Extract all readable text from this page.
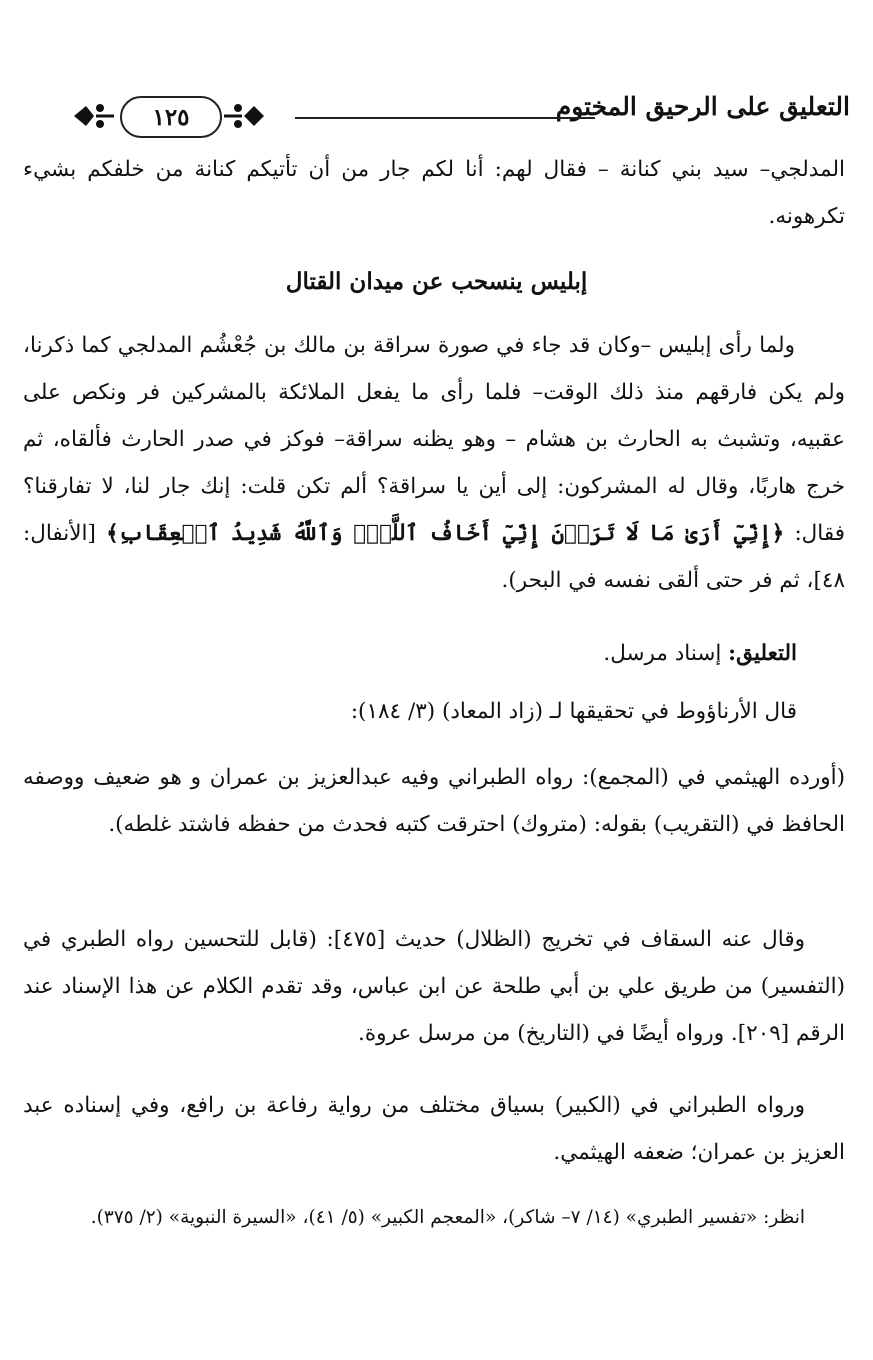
التعليق على الرحيق المختوم
١٢٥
المدلجي– سيد بني كنانة – فقال لهم: أنا لكم جار من أن تأتيكم كنانة من خلفكم بشيء تكرهونه.
إبليس ينسحب عن ميدان القتال
ولما رأى إبليس –وكان قد جاء في صورة سراقة بن مالك بن جُعْشُم المدلجي كما ذكرنا، ولم يكن فارقهم منذ ذلك الوقت– فلما رأى ما يفعل الملائكة بالمشركين فر ونكص على عقبيه، وتشبث به الحارث بن هشام – وهو يظنه سراقة– فوكز في صدر الحارث فألقاه، ثم خرج هاربًا، وقال له المشركون: إلى أين يا سراقة؟ ألم تكن قلت: إنك جار لنا، لا تفارقنا؟ فقال: ﴿إِنِّيٓ أَرَىٰ مَا لَا تَرَوۡنَ إِنِّيٓ أَخَافُ ٱللَّهَۚ وَٱللَّهُ شَدِيدُ ٱلۡعِقَابِ﴾ [الأنفال: ٤٨]، ثم فر حتى ألقى نفسه في البحر).
التعليق: إسناد مرسل.
قال الأرناؤوط في تحقيقها لـ (زاد المعاد) (٣/ ١٨٤):
(أورده الهيثمي في (المجمع): رواه الطبراني وفيه عبدالعزيز بن عمران و هو ضعيف ووصفه الحافظ في (التقريب) بقوله: (متروك) احترقت كتبه فحدث من حفظه فاشتد غلطه).
وقال عنه السقاف في تخريج (الظلال) حديث [٤٧٥]: (قابل للتحسين رواه الطبري في (التفسير) من طريق علي بن أبي طلحة عن ابن عباس، وقد تقدم الكلام عن هذا الإسناد عند الرقم [٢٠٩]. ورواه أيضًا في (التاريخ) من مرسل عروة.
ورواه الطبراني في (الكبير) بسياق مختلف من رواية رفاعة بن رافع، وفي إسناده عبد العزيز بن عمران؛ ضعفه الهيثمي.
انظر: «تفسير الطبري» (١٤/ ٧– شاكر)، «المعجم الكبير» (٥/ ٤١)، «السيرة النبوية» (٢/ ٣٧٥).
